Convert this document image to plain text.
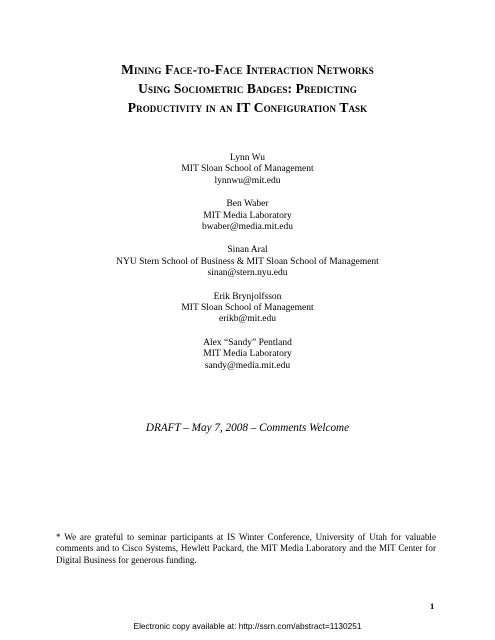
Mining Face-to-Face Interaction Networks
Using Sociometric Badges: Predicting
Productivity in an IT Configuration Task
Lynn Wu
MIT Sloan School of Management
lynnwu@mit.edu
Ben Waber
MIT Media Laboratory
bwaber@media.mit.edu
Sinan Aral
NYU Stern School of Business & MIT Sloan School of Management
sinan@stern.nyu.edu
Erik Brynjolfsson
MIT Sloan School of Management
erikb@mit.edu
Alex “Sandy” Pentland
MIT Media Laboratory
sandy@media.mit.edu
DRAFT – May 7, 2008 – Comments Welcome
* We are grateful to seminar participants at IS Winter Conference, University of Utah for valuable comments and to Cisco Systems, Hewlett Packard, the MIT Media Laboratory and the MIT Center for Digital Business for generous funding.
1
Electronic copy available at: http://ssrn.com/abstract=1130251
